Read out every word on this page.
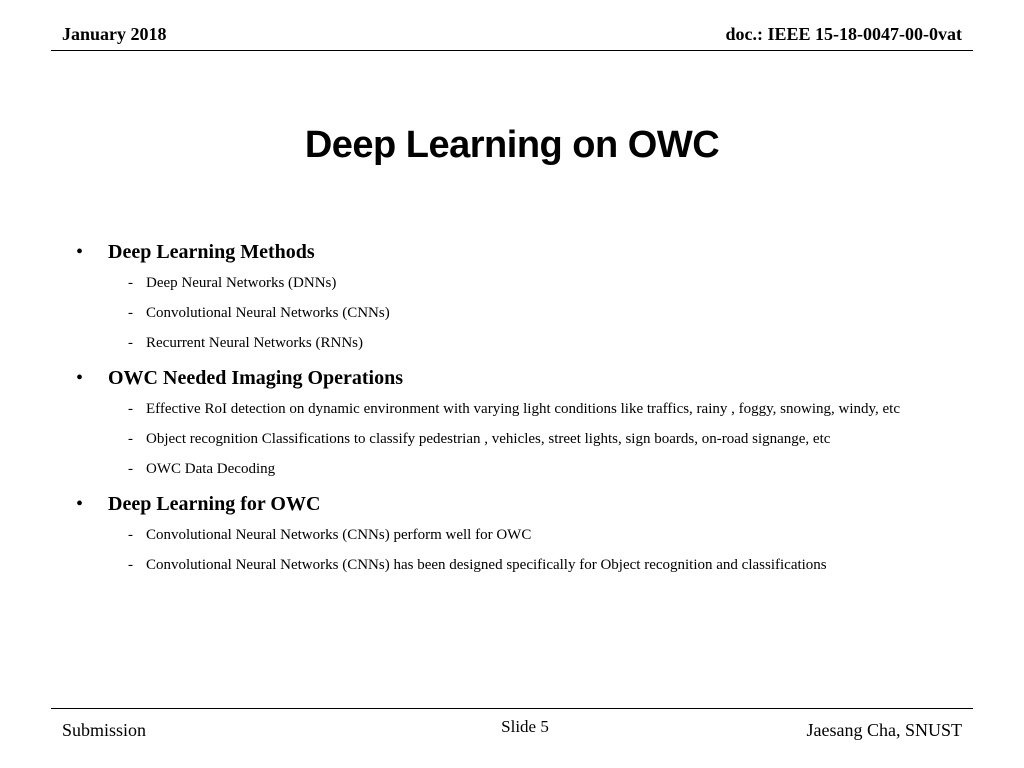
January 2018	doc.: IEEE 15-18-0047-00-0vat
Deep Learning on OWC
• Deep Learning Methods
- Deep Neural Networks (DNNs)
- Convolutional Neural Networks (CNNs)
- Recurrent Neural Networks (RNNs)
• OWC Needed Imaging Operations
- Effective RoI detection on dynamic environment with varying light conditions like traffics, rainy , foggy, snowing, windy, etc
- Object recognition Classifications to classify pedestrian , vehicles, street lights, sign boards, on-road signange, etc
- OWC Data Decoding
• Deep Learning for OWC
- Convolutional Neural Networks (CNNs) perform well for OWC
- Convolutional Neural Networks (CNNs) has been designed specifically for Object recognition and classifications
Submission	Slide 5	Jaesang Cha, SNUST
